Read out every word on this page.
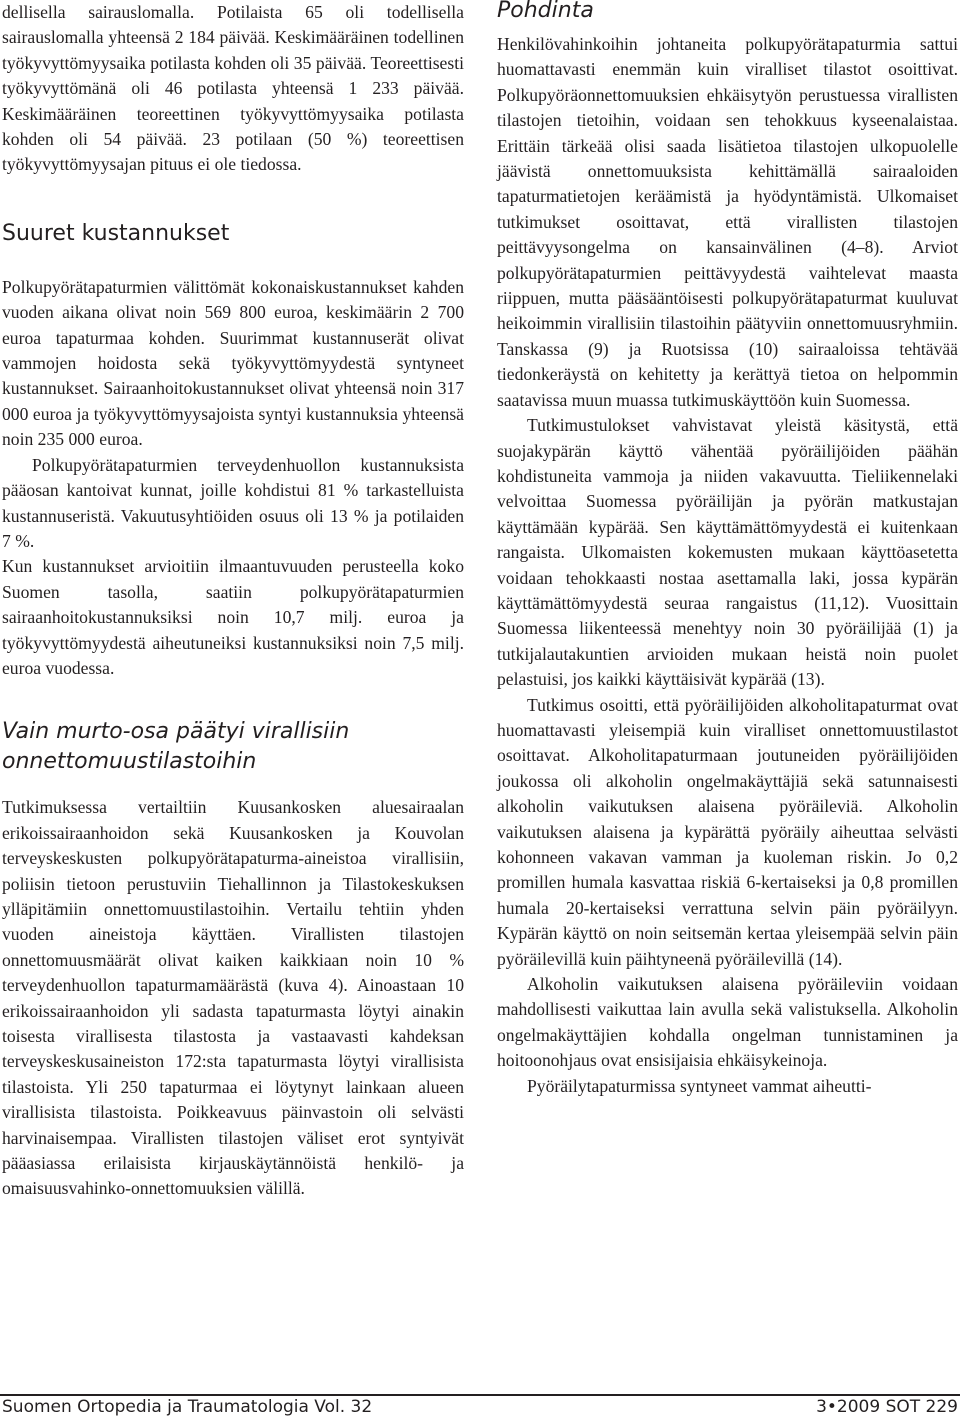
dellisella sairauslomalla. Potilaista 65 oli todellisella sairauslomalla yhteensä 2 184 päivää. Keskimääräinen todellinen työkyvyttömyysaika potilasta kohden oli 35 päivää. Teoreettisesti työkyvyttömänä oli 46 potilasta yhteensä 1 233 päivää. Keskimääräinen teoreettinen työkyvyttömyysaika potilasta kohden oli 54 päivää. 23 potilaan (50 %) teoreettisen työkyvyttömyysajan pituus ei ole tiedossa.

Suuret kustannukset

Polkupyörätapaturmien välittömät kokonaiskustannukset kahden vuoden aikana olivat noin 569 800 euroa, keskimäärin 2 700 euroa tapaturmaa kohden. Suurimmat kustannuserät olivat vammojen hoidosta sekä työkyvyttömyydestä syntyneet kustannukset. Sairaanhoitokustannukset olivat yhteensä noin 317 000 euroa ja työkyvyttömyysajoista syntyi kustannuksia yhteensä noin 235 000 euroa.

Polkupyörätapaturmien terveydenhuollon kustannuksista pääosan kantoivat kunnat, joille kohdistui 81 % tarkastelluista kustannuseristä. Vakuutusyhtiöiden osuus oli 13 % ja potilaiden 7 %.

Kun kustannukset arvioitiin ilmaantuvuuden perusteella koko Suomen tasolla, saatiin polkupyörätapaturmien sairaanhoitokustannuksiksi noin 10,7 milj. euroa ja työkyvyttömyydestä aiheutuneiksi kustannuksiksi noin 7,5 milj. euroa vuodessa.

Vain murto-osa päätyi virallisiin onnettomuustilastoihin

Tutkimuksessa vertailtiin Kuusankosken aluesairaalan erikoissairaanhoidon sekä Kuusankosken ja Kouvolan terveyskeskusten polkupyörätapaturma-aineistoa virallisiin, poliisin tietoon perustuviin Tiehallinnon ja Tilastokeskuksen ylläpitämiin onnettomuustilastoihin. Vertailu tehtiin yhden vuoden aineistoja käyttäen. Virallisten tilastojen onnettomuusmäärät olivat kaiken kaikkiaan noin 10 % terveydenhuollon tapaturmamäärästä (kuva 4). Ainoastaan 10 erikoissairaanhoidon yli sadasta tapaturmasta löytyi ainakin toisesta virallisesta tilastosta ja vastaavasti kahdeksan terveyskeskusaineiston 172:sta tapaturmasta löytyi virallisista tilastoista. Yli 250 tapaturmaa ei löytynyt lainkaan alueen virallisista tilastoista. Poikkeavuus päinvastoin oli selvästi harvinaisempaa. Virallisten tilastojen väliset erot syntyivät pääasiassa erilaisista kirjauskäytännöistä henkilö- ja omaisuusvahinko-onnettomuuksien välillä.

Pohdinta

Henkilövahinkoihin johtaneita polkupyörätapaturmia sattui huomattavasti enemmän kuin viralliset tilastot osoittivat. Polkupyöräonnettomuuksien ehkäisytyön perustuessa virallisten tilastojen tietoihin, voidaan sen tehokkuus kyseenalaistaa. Erittäin tärkeää olisi saada lisätietoa tilastojen ulkopuolelle jäävistä onnettomuuksista kehittämällä sairaaloiden tapaturmatietojen keräämistä ja hyödyntämistä. Ulkomaiset tutkimukset osoittavat, että virallisten tilastojen peittävyysongelma on kansainvälinen (4–8). Arviot polkupyörätapaturmien peittävyydestä vaihtelevat maasta riippuen, mutta pääsääntöisesti polkupyörätapaturmat kuuluvat heikoimmin virallisiin tilastoihin päätyviin onnettomuusryhmiin. Tanskassa (9) ja Ruotsissa (10) sairaaloissa tehtävää tiedonkeräystä on kehitetty ja kerättyä tietoa on helpommin saatavissa muun muassa tutkimuskäyttöön kuin Suomessa.

Tutkimustulokset vahvistavat yleistä käsitystä, että suojakypärän käyttö vähentää pyöräilijöiden päähän kohdistuneita vammoja ja niiden vakavuutta. Tieliikennelaki velvoittaa Suomessa pyöräilijän ja pyörän matkustajan käyttämään kypärää. Sen käyttämättömyydestä ei kuitenkaan rangaista. Ulkomaisten kokemusten mukaan käyttöasetetta voidaan tehokkaasti nostaa asettamalla laki, jossa kypärän käyttämättömyydestä seuraa rangaistus (11,12). Vuosittain Suomessa liikenteessä menehtyy noin 30 pyöräilijää (1) ja tutkijalautakuntien arvioiden mukaan heistä noin puolet pelastuisi, jos kaikki käyttäisivät kypärää (13).

Tutkimus osoitti, että pyöräilijöiden alkoholitapaturmat ovat huomattavasti yleisempiä kuin viralliset onnettomuustilastot osoittavat. Alkoholitapaturmaan joutuneiden pyöräilijöiden joukossa oli alkoholin ongelmakäyttäjiä sekä satunnaisesti alkoholin vaikutuksen alaisena pyöräileviä. Alkoholin vaikutuksen alaisena ja kypärättä pyöräily aiheuttaa selvästi kohonneen vakavan vamman ja kuoleman riskin. Jo 0,2 promillen humala kasvattaa riskiä 6-kertaiseksi ja 0,8 promillen humala 20-kertaiseksi verrattuna selvin päin pyöräilyyn. Kypärän käyttö on noin seitsemän kertaa yleisempää selvin päin pyöräilevillä kuin päihtyneenä pyöräilevillä (14).

Alkoholin vaikutuksen alaisena pyöräileviin voidaan mahdollisesti vaikuttaa lain avulla sekä valistuksella. Alkoholin ongelmakäyttäjien kohdalla ongelman tunnistaminen ja hoitoonohjaus ovat ensisijaisia ehkäisykeinoja.

Pyöräilytapaturmissa syntyneet vammat aiheutti-

Suomen Ortopedia ja Traumatologia Vol. 32	3•2009 SOT 229
